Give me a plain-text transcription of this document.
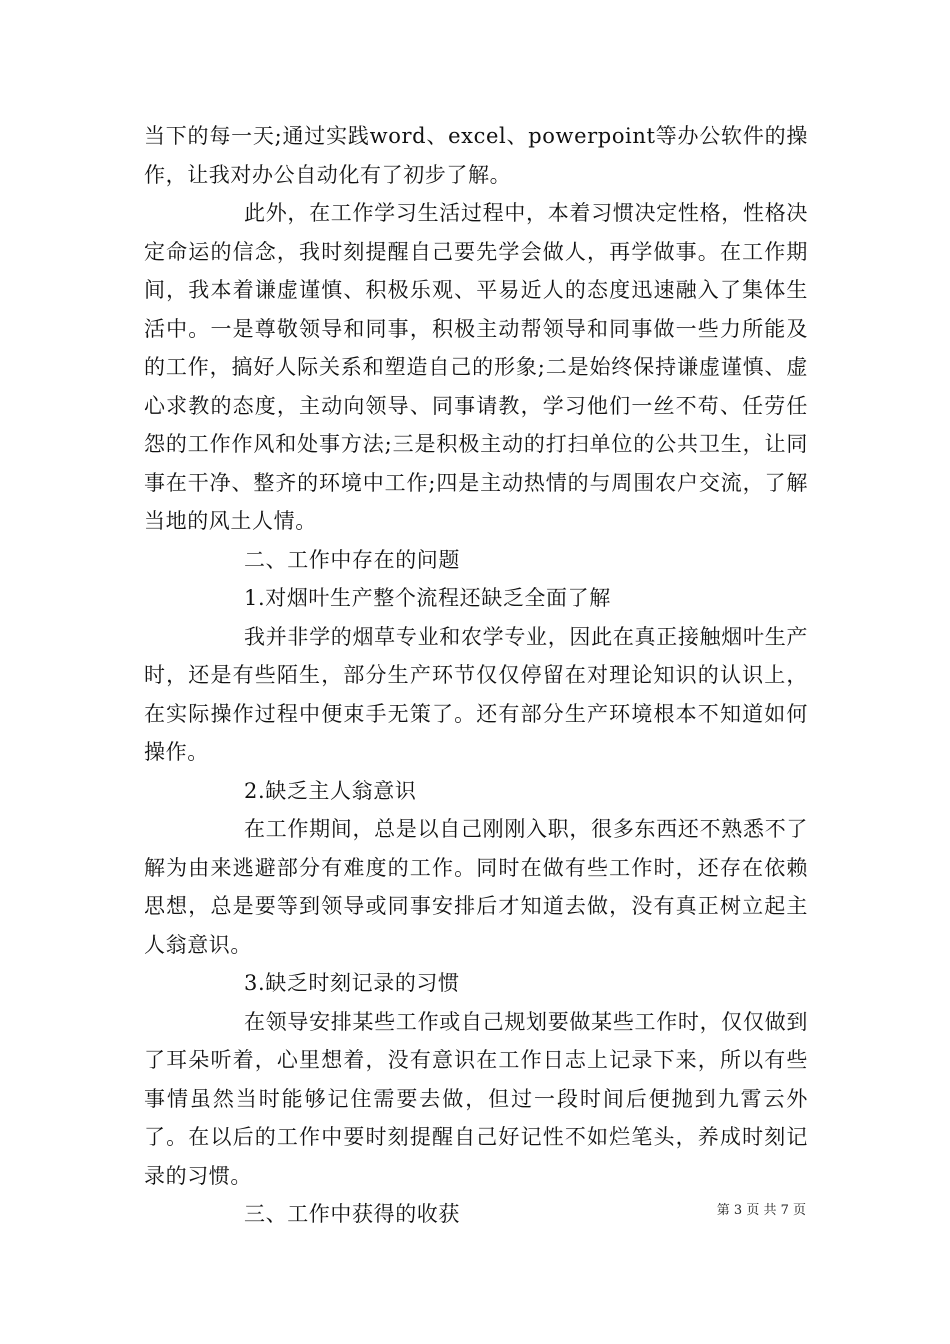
当下的每一天;通过实践word、excel、powerpoint等办公软件的操作，让我对办公自动化有了初步了解。

此外，在工作学习生活过程中，本着习惯决定性格，性格决定命运的信念，我时刻提醒自己要先学会做人，再学做事。在工作期间，我本着谦虚谨慎、积极乐观、平易近人的态度迅速融入了集体生活中。一是尊敬领导和同事，积极主动帮领导和同事做一些力所能及的工作，搞好人际关系和塑造自己的形象;二是始终保持谦虚谨慎、虚心求教的态度，主动向领导、同事请教，学习他们一丝不苟、任劳任怨的工作作风和处事方法;三是积极主动的打扫单位的公共卫生，让同事在干净、整齐的环境中工作;四是主动热情的与周围农户交流，了解当地的风土人情。

二、工作中存在的问题

1.对烟叶生产整个流程还缺乏全面了解

我并非学的烟草专业和农学专业，因此在真正接触烟叶生产时，还是有些陌生，部分生产环节仅仅停留在对理论知识的认识上，在实际操作过程中便束手无策了。还有部分生产环境根本不知道如何操作。

2.缺乏主人翁意识

在工作期间，总是以自己刚刚入职，很多东西还不熟悉不了解为由来逃避部分有难度的工作。同时在做有些工作时，还存在依赖思想，总是要等到领导或同事安排后才知道去做，没有真正树立起主人翁意识。

3.缺乏时刻记录的习惯

在领导安排某些工作或自己规划要做某些工作时，仅仅做到了耳朵听着，心里想着，没有意识在工作日志上记录下来，所以有些事情虽然当时能够记住需要去做，但过一段时间后便抛到九霄云外了。在以后的工作中要时刻提醒自己好记性不如烂笔头，养成时刻记录的习惯。

三、工作中获得的收获	第 3 页 共 7 页
